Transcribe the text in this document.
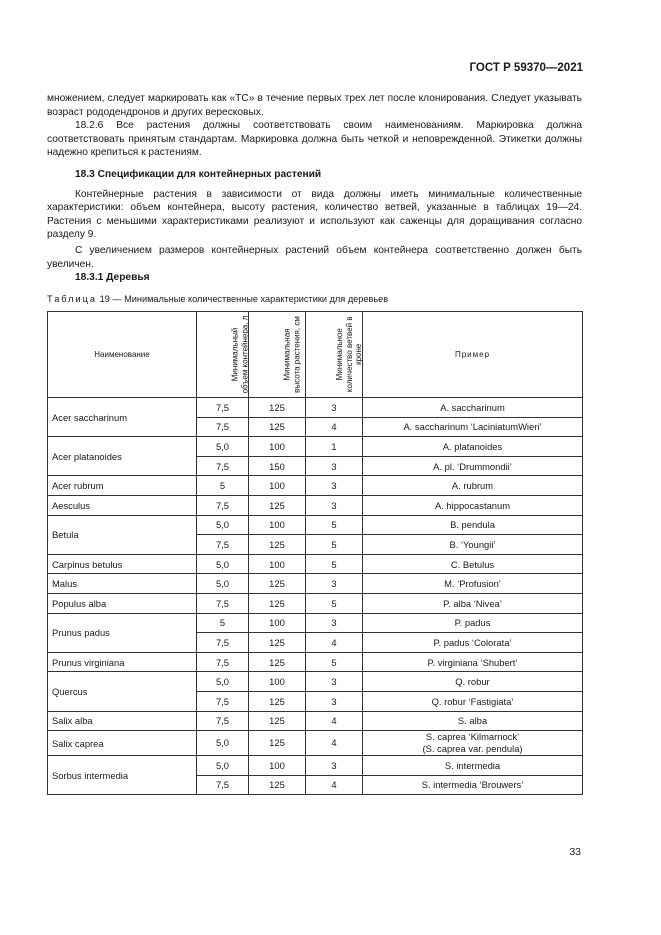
ГОСТ Р 59370—2021

множением, следует маркировать как «ТС» в течение первых трех лет после клонирования. Следует указывать возраст рододендронов и других вересковых.

18.2.6 Все растения должны соответствовать своим наименованиям. Маркировка должна соответствовать принятым стандартам. Маркировка должна быть четкой и неповрежденной. Этикетки должны надежно крепиться к растениям.

18.3 Спецификации для контейнерных растений

Контейнерные растения в зависимости от вида должны иметь минимальные количественные характеристики: объем контейнера, высоту растения, количество ветвей, указанные в таблицах 19—24. Растения с меньшими характеристиками реализуют и используют как саженцы для доращивания согласно разделу 9.

С увеличением размеров контейнерных растений объем контейнера соответственно должен быть увеличен.

18.3.1 Деревья

Таблица 19 — Минимальные количественные характеристики для деревьев
Наименование	Минимальный объем контейнера, л	Минимальная высота растения, см	Минимальное количество ветвей в кроне	Пример
Acer saccharinum	7,5	125	3	A. saccharinum
	7,5	125	4	A. saccharinum ‘LaciniatumWieri’
Acer platanoides	5,0	100	1	A. platanoides
	7,5	150	3	A. pl. ‘Drummondii’
Acer rubrum	5	100	3	A. rubrum
Aesculus	7,5	125	3	A. hippocastanum
Betula	5,0	100	5	B. pendula
	7,5	125	5	B. ‘Youngii’
Carpinus betulus	5,0	100	5	C. Betulus
Malus	5,0	125	3	M. ‘Profusion’
Populus alba	7,5	125	5	P. alba ‘Nivea’
Prunus padus	5	100	3	P. padus
	7,5	125	4	P. padus ‘Colorata’
Prunus virginiana	7,5	125	5	P. virginiana ‘Shubert’
Quercus	5,0	100	3	Q. robur
	7,5	125	3	Q. robur ‘Fastigiata’
Salix alba	7,5	125	4	S. alba
Salix caprea	5,0	125	4	S. caprea ‘Kilmarnock’
(S. caprea var. pendula)

Sorbus intermedia	5,0	100	3	S. intermedia
	7,5	125	4	S. intermedia ‘Brouwers’
33
